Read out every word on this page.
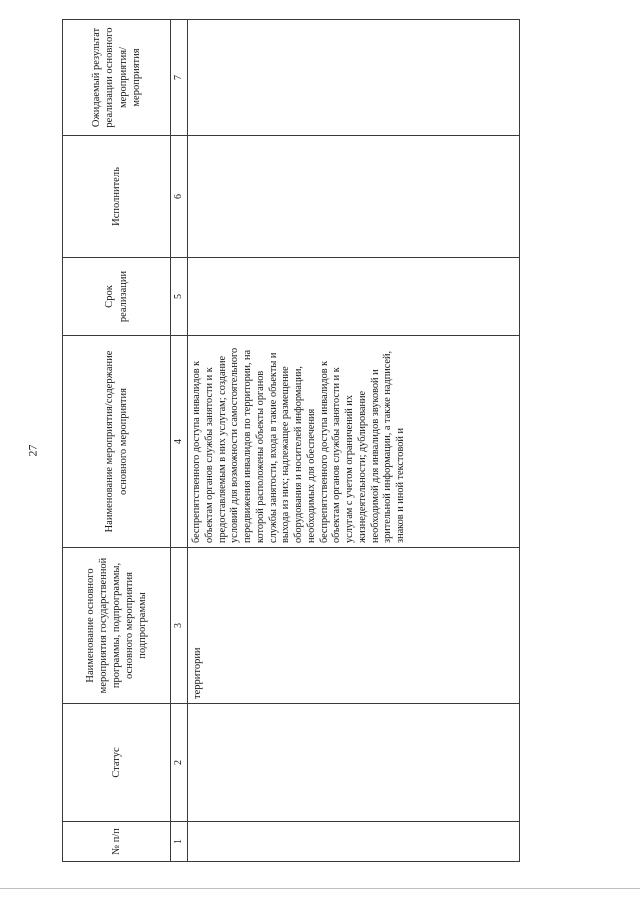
27
№ п/п	Статус	Наименование основного мероприятия государственной программы, подпрограммы, основного мероприятия подпрограммы	Наименование мероприятия/содержание основного мероприятия	Срок реализации	Исполнитель	Ожидаемый результат реализации основного мероприятия/мероприятия
1	2	3	4	5	6	7
		территории	беспрепятственного доступа инвалидов к объектам органов службы занятости и к предоставляемым в них услугам; создание условий для возможности самостоятельного передвижения инвалидов по территории, на которой расположены объекты органов службы занятости, входа в такие объекты и выхода из них; надлежащее размещение оборудования и носителей информации, необходимых для обеспечения беспрепятственного доступа инвалидов к объектам органов службы занятости и к услугам с учетом ограничений их жизнедеятельности; дублирование необходимой для инвалидов звуковой и зрительной информации, а также надписей, знаков и иной текстовой и			
